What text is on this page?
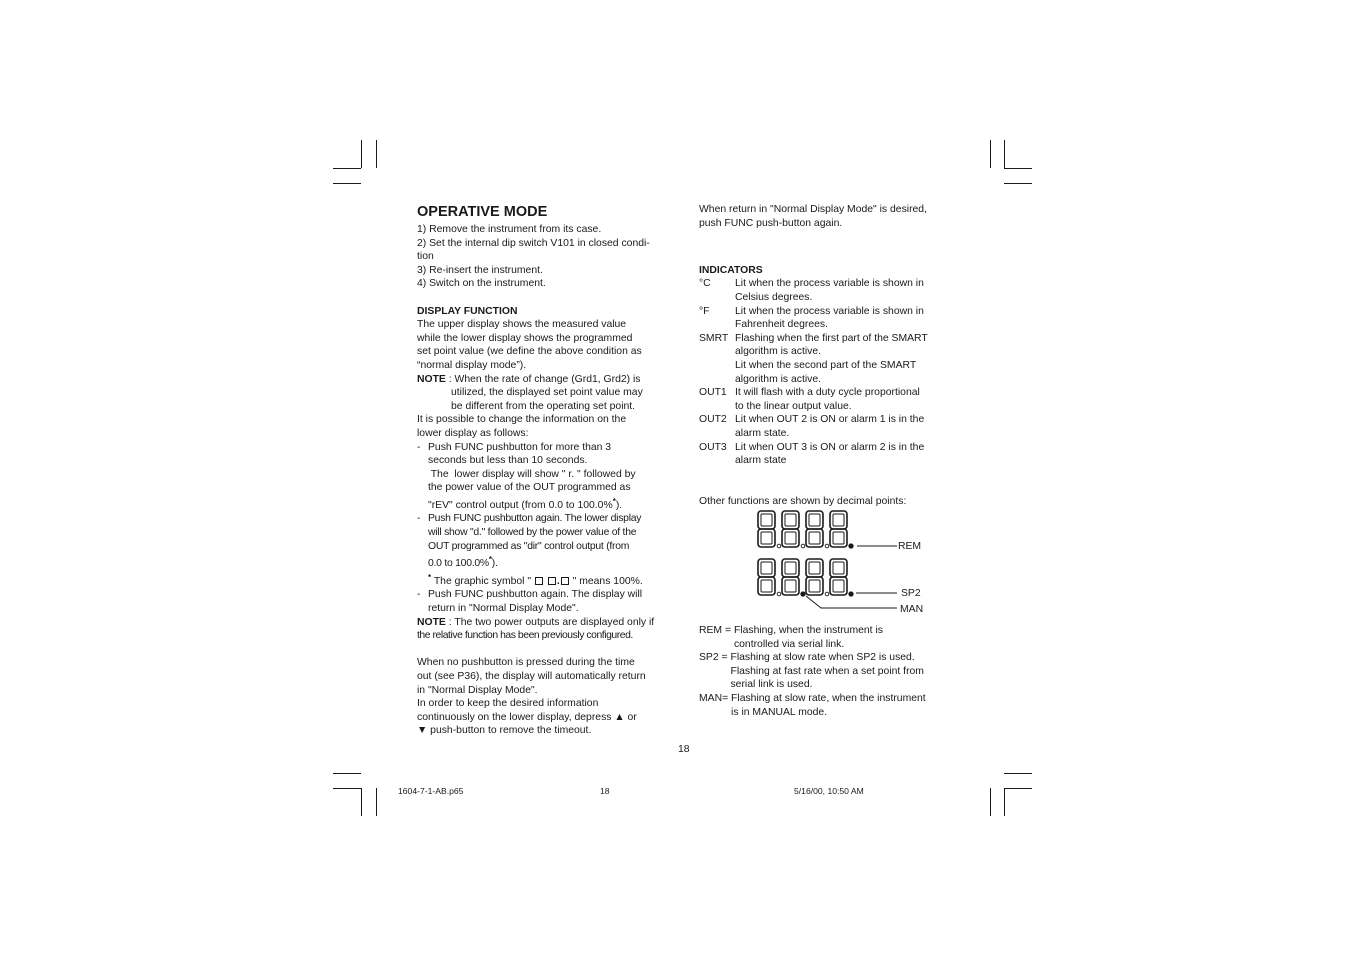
OPERATIVE MODE
1) Remove the instrument from its case.
2) Set the internal dip switch V101 in closed condi-
tion
3) Re-insert the instrument.
4) Switch on the instrument.
DISPLAY FUNCTION
The upper display shows the measured value
while the lower display shows the programmed
set point value (we define the above condition as
“normal display mode”).
NOTE : When the rate of change (Grd1, Grd2) is
utilized, the displayed set point value may
be different from the operating set point.
It is possible to change the information on the
lower display as follows:
- Push FUNC pushbutton for more than 3
seconds but less than 10 seconds.
The  lower display will show " r. " followed by
the power value of the OUT programmed as
"rEV" control output (from 0.0 to 100.0%*).
- Push FUNC pushbutton again. The lower display
will show "d." followed by the power value of the
OUT programmed as "dir" control output (from
0.0 to 100.0%*).
* The graphic symbol "  . " means 100%.
- Push FUNC pushbutton again. The display will
return in "Normal Display Mode".
NOTE : The two power outputs are displayed only if
the relative function has been previously configured.
When no pushbutton is pressed during the time
out (see P36), the display will automatically return
in "Normal Display Mode".
In order to keep the desired information
continuously on the lower display, depress ▲ or
▼ push-button to remove the timeout.
When return in "Normal Display Mode" is desired,
push FUNC push-button again.
INDICATORS
°C	Lit when the process variable is shown in
Celsius degrees.
°F	Lit when the process variable is shown in
Fahrenheit degrees.
SMRT Flashing when the first part of the SMART
algorithm is active.
Lit when the second part of the SMART
algorithm is active.
OUT1 It will flash with a duty cycle proportional
to the linear output value.
OUT2 Lit when OUT 2 is ON or alarm 1 is in the
alarm state.
OUT3 Lit when OUT 3 is ON or alarm 2 is in the
alarm state
Other functions are shown by decimal points:
REM = Flashing, when the instrument is
controlled via serial link.
SP2 = Flashing at slow rate when SP2 is used.
Flashing at fast rate when a set point from
serial link is used.
MAN= Flashing at slow rate, when the instrument
is in MANUAL mode.
REM
SP2
MAN
18
1604-7-1-AB.p65	18	5/16/00, 10:50 AM
